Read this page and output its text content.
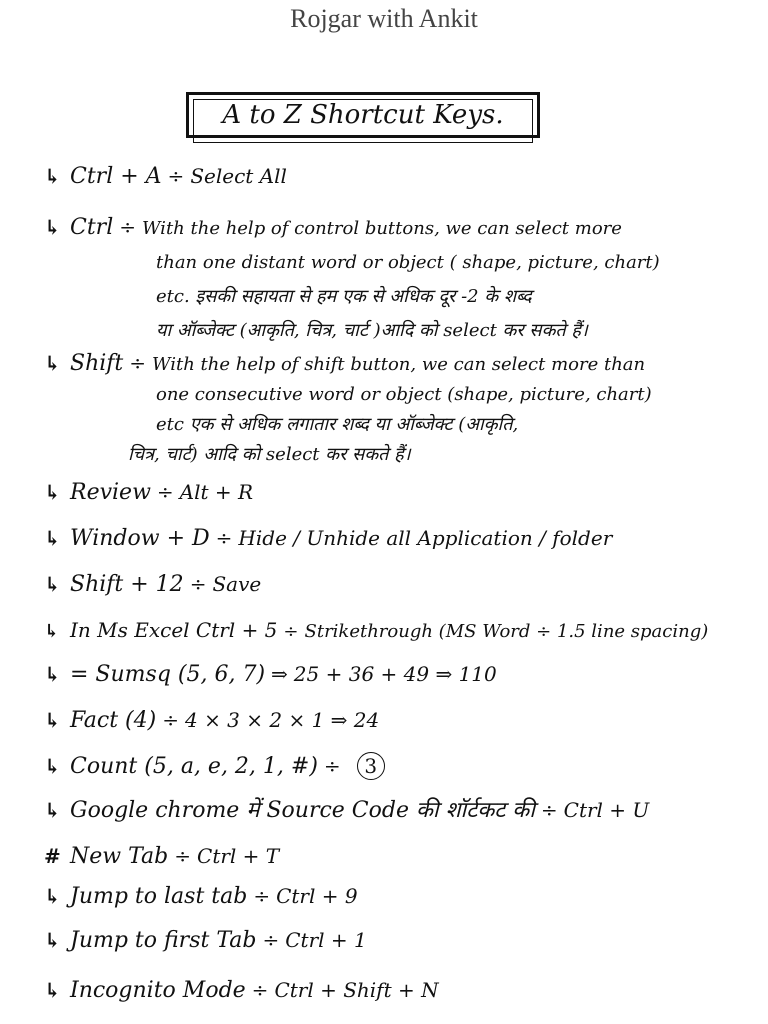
Rojgar with Ankit
A to Z Shortcut Keys.
↳Ctrl + A ÷ Select All
↳Ctrl ÷ With the help of control buttons, we can select more
than one distant word or object ( shape, picture, chart)
etc. इसकी सहायता से हम एक से अधिक दूर -2 के शब्द
या ऑब्जेक्ट (आकृति, चित्र, चार्ट )आदि को select कर सकते हैं।
↳Shift ÷ With the help of shift button, we can select more than
one consecutive word or object (shape, picture, chart)
etc एक से अधिक लगातार शब्द या ऑब्जेक्ट (आकृति,
चित्र, चार्ट) आदि को select कर सकते हैं।
↳Review ÷ Alt + R
↳Window + D ÷ Hide / Unhide all Application / folder
↳Shift + 12 ÷ Save
↳In Ms Excel Ctrl + 5 ÷ Strikethrough (MS Word ÷ 1.5 line spacing)
↳= Sumsq (5, 6, 7) ⇒ 25 + 36 + 49 ⇒ 110
↳Fact (4) ÷ 4 × 3 × 2 × 1 ⇒ 24
↳Count (5, a, e, 2, 1, #) ÷ 3
↳Google chrome में Source Code की शॉर्टकट की ÷ Ctrl + U
# New Tab ÷ Ctrl + T
↳Jump to last tab ÷ Ctrl + 9
↳Jump to first Tab ÷ Ctrl + 1
↳Incognito Mode ÷ Ctrl + Shift + N
